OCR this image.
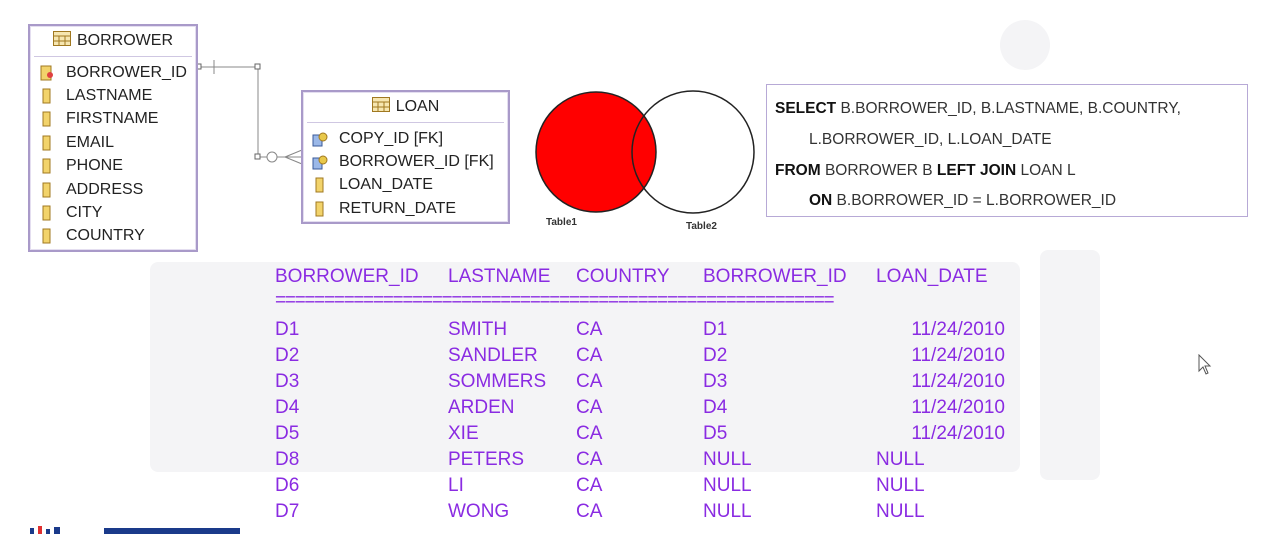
BORROWER
BORROWER_ID
LASTNAME
FIRSTNAME
EMAIL
PHONE
ADDRESS
CITY
COUNTRY
LOAN
COPY_ID [FK]
BORROWER_ID [FK]
LOAN_DATE
RETURN_DATE
Table1	Table2
SELECT B.BORROWER_ID, B.LASTNAME, B.COUNTRY,
L.BORROWER_ID, L.LOAN_DATE
FROM BORROWER B LEFT JOIN LOAN L
ON B.BORROWER_ID = L.BORROWER_ID
BORROWER_ID LASTNAME COUNTRY BORROWER_ID LOAN_DATE
=========================================================
D1	SMITH	CA	D1	11/24/2010
D2	SANDLER CA	D2	11/24/2010
D3	SOMMERS CA	D3	11/24/2010
D4	ARDEN	CA	D4	11/24/2010
D5	XIE	CA	D5	11/24/2010
D8	PETERS	CA	NULL	NULL
D6	LI	CA	NULL	NULL
D7	WONG	CA	NULL	NULL
